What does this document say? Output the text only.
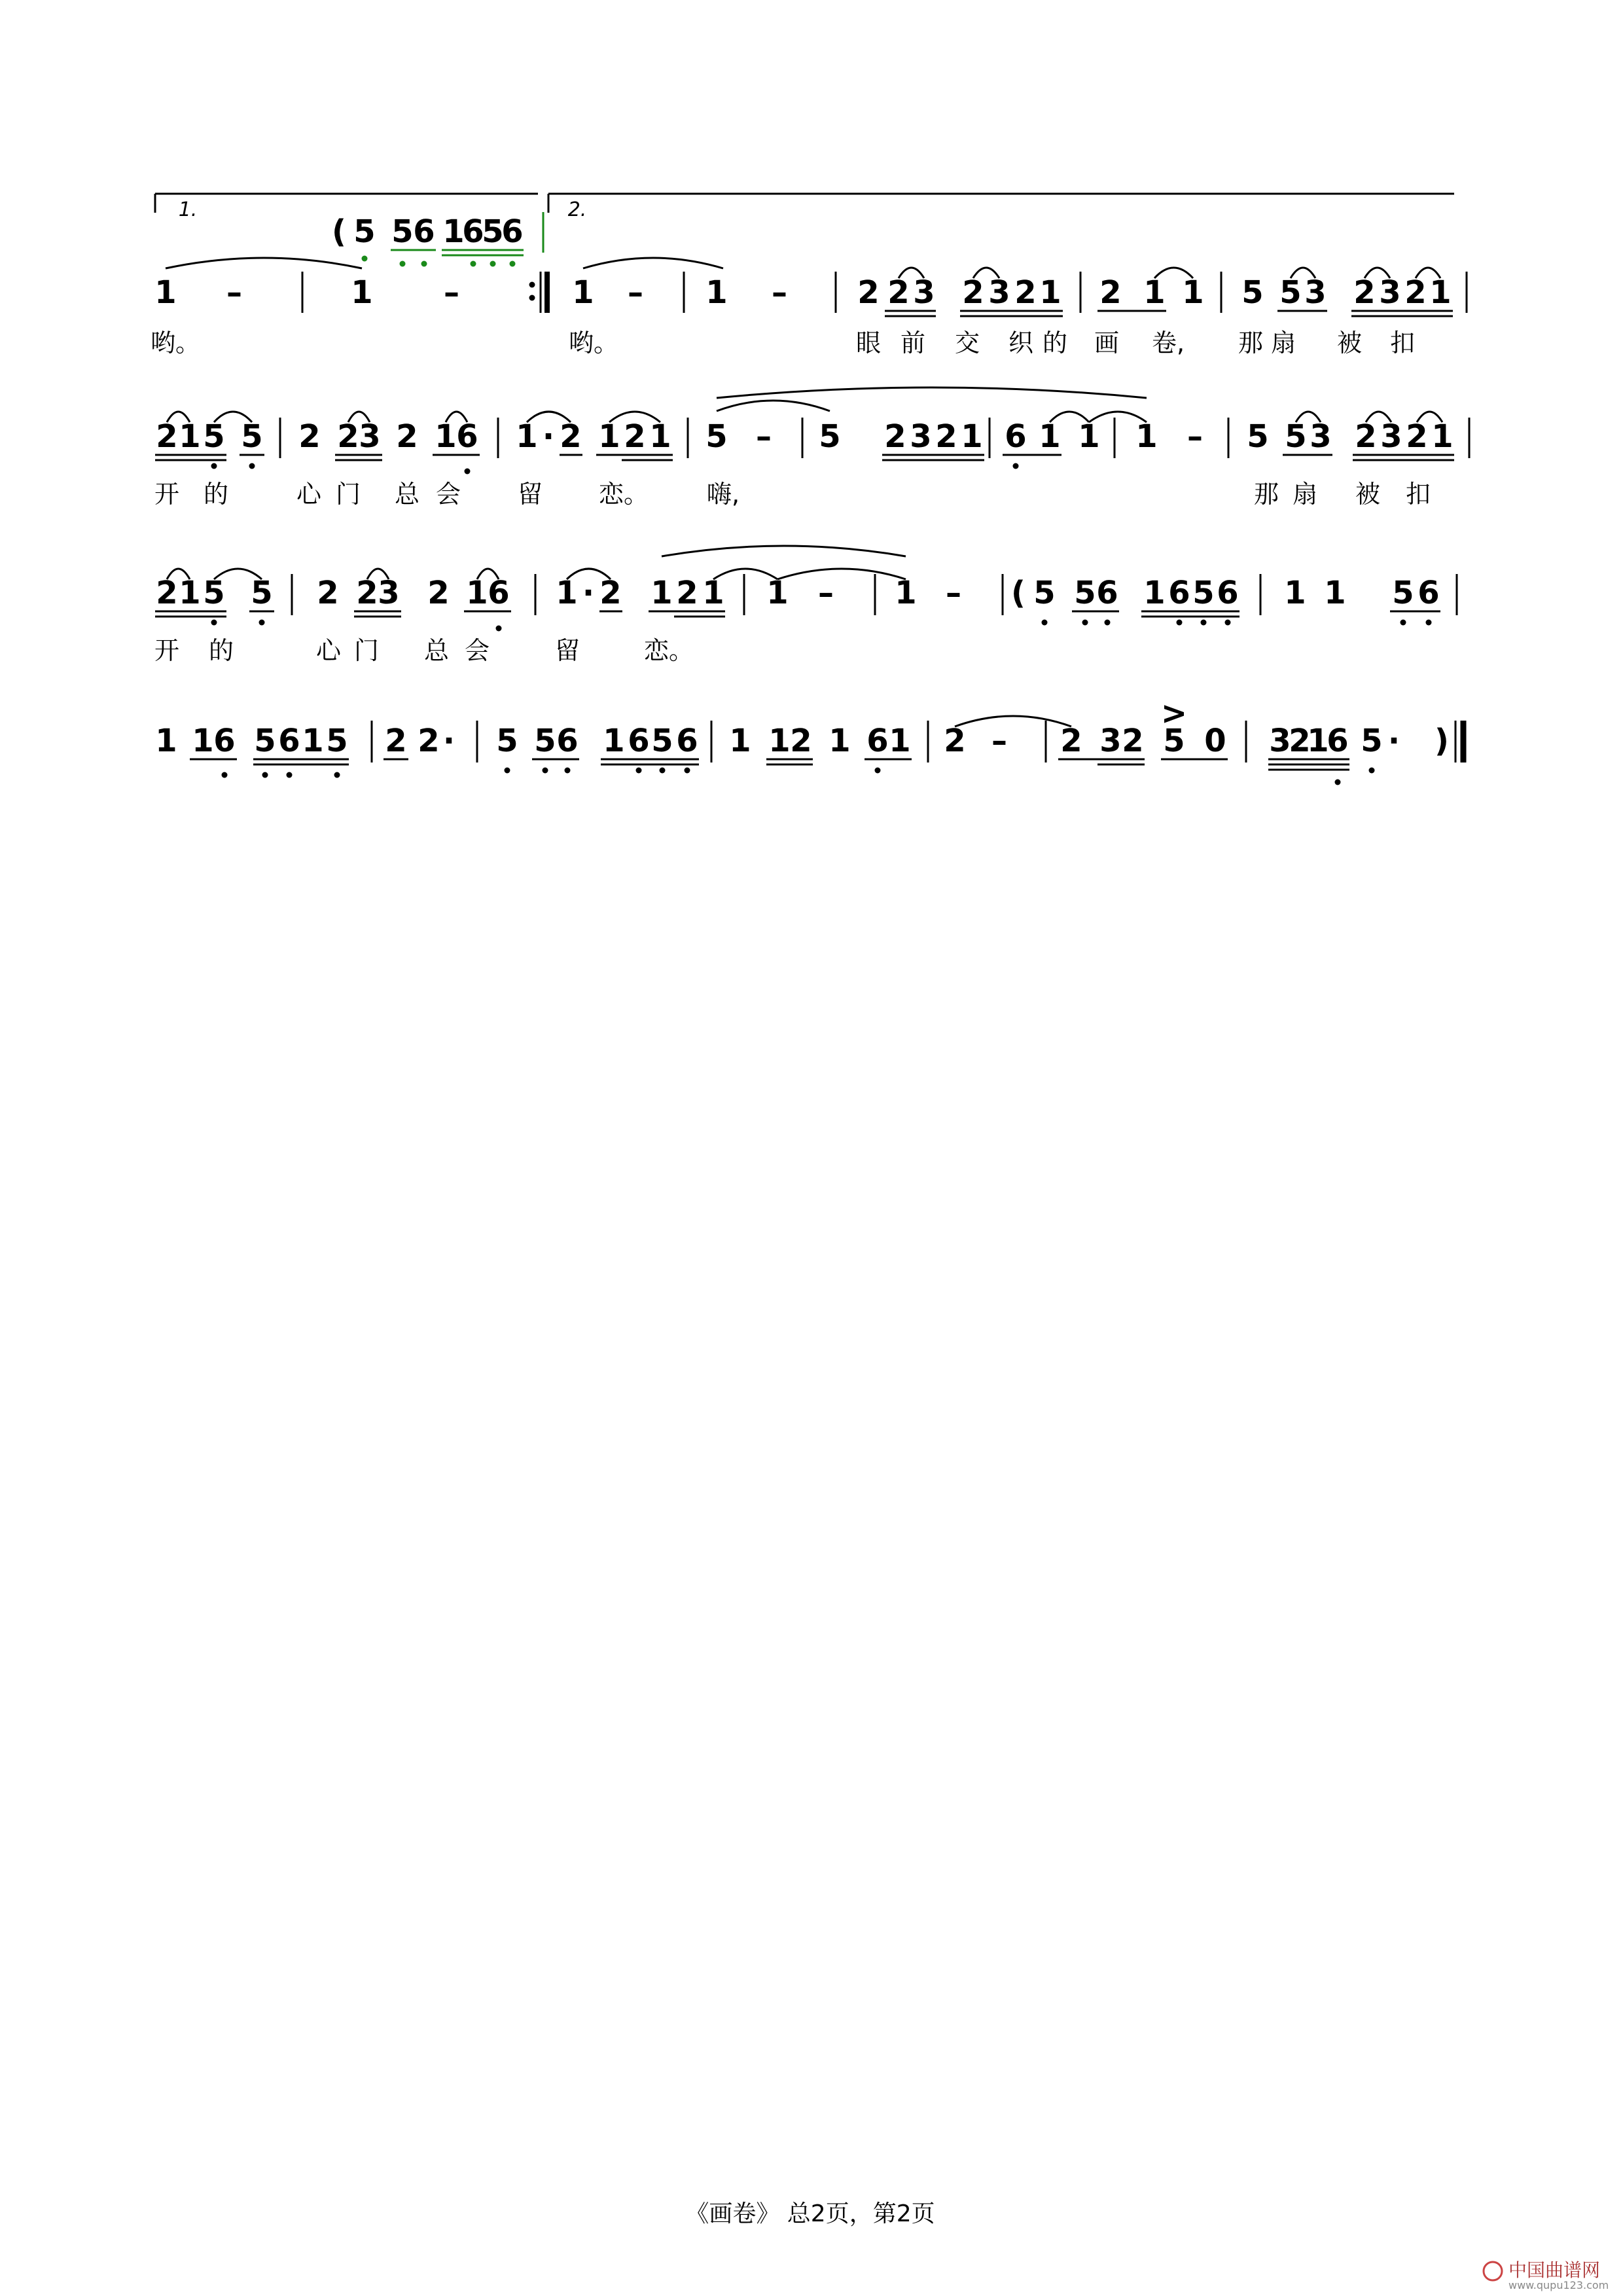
1.	2.
1 –	1 –	1 – 1 – 2 2 3 2 3 2 1 2 1 1 5 5 3 2 3 2 1
( 5 5 6 1
6
5
6
哟。	哟。	眼 前 交 织 的 画 卷, 那 扇 被 扣
2 1 5 5 2 2 3 2 1 6 1 · 2 1 2 1 5 – 5 2 3 2 1 6 1 1 1 – 5 5 3 2 3 2 1
开 的	心 门 总 会 留 恋。 嗨,	那 扇 被 扣
2 1 5 5 2 2 3 2 1 6 1 · 2 1 2 1 1 – 1 – ( 5 5 6 1 6 5 6 1 1 5 6
开 的	心 门 总 会	留	恋。
1 1 6 5 6 1 5 2 2 · 5 5 6 1 6 5 6 1 1 2 1 6 1 2 – 2 3 2 5 0
>
3
2
1
6 5 · )
《画卷》 总2页，第2页
中国曲谱网
www.qupu123.com
